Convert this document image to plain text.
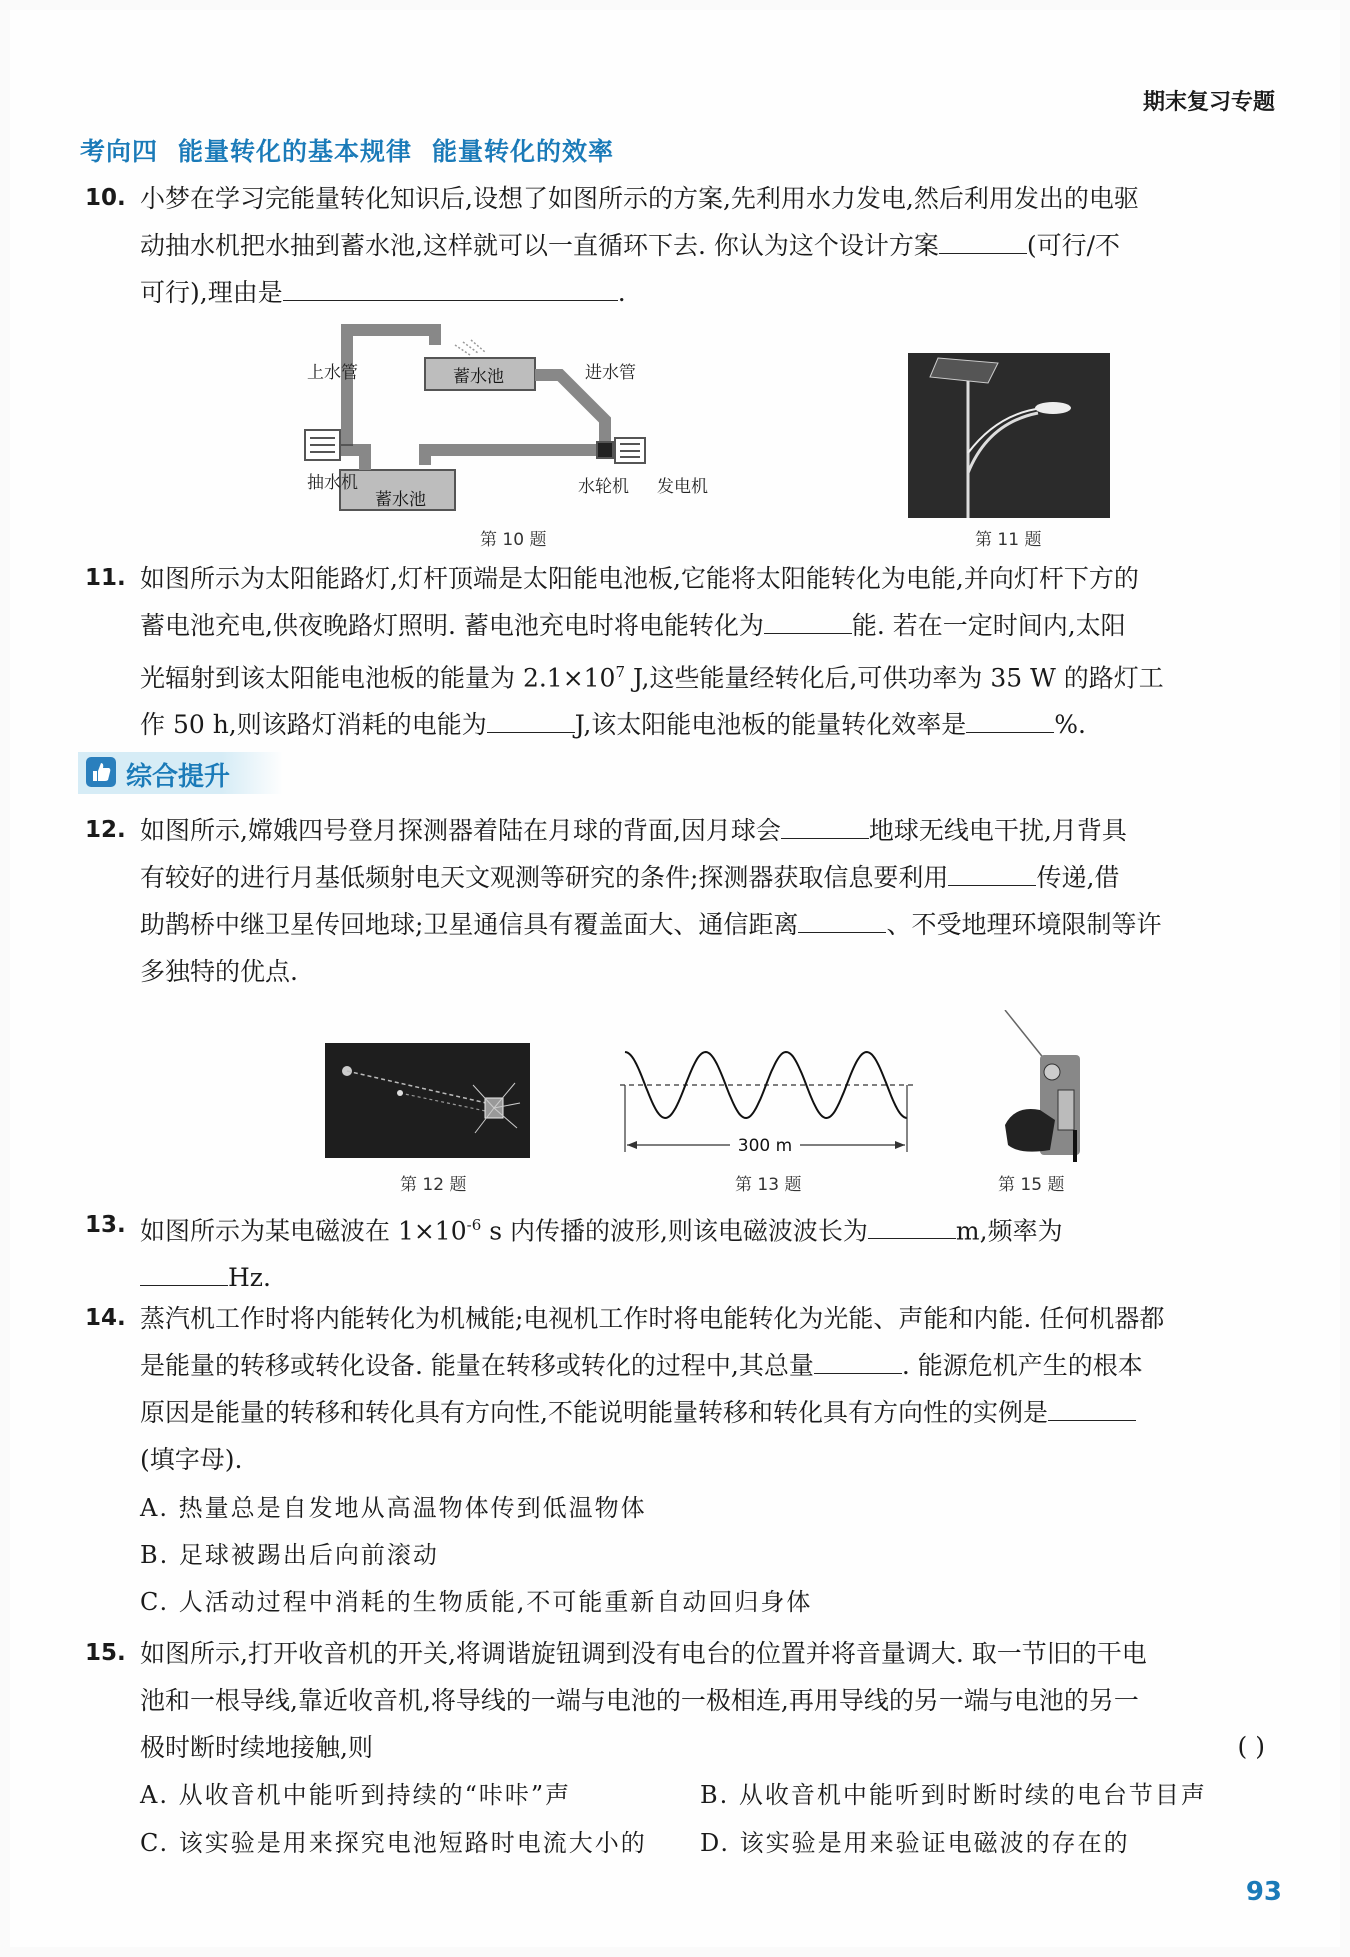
期末复习专题
考向四 能量转化的基本规律 能量转化的效率
10. 小梦在学习完能量转化知识后,设想了如图所示的方案,先利用水力发电,然后利用发出的电驱
动抽水机把水抽到蓄水池,这样就可以一直循环下去. 你认为这个设计方案	(可行/不
可行),理由是	.
上水管	进水管
蓄水池
抽水机
蓄水池
水轮机 发电机
第 10 题	第 11 题
11. 如图所示为太阳能路灯,灯杆顶端是太阳能电池板,它能将太阳能转化为电能,并向灯杆下方的
蓄电池充电,供夜晚路灯照明. 蓄电池充电时将电能转化为	能. 若在一定时间内,太阳
光辐射到该太阳能电池板的能量为 $2.1\times 10^7$ J,这些能量经转化后,可供功率为 35 W 的路灯工
作 50 h,则该路灯消耗的电能为	J,该太阳能电池板的能量转化效率是	%.
综合提升
12. 如图所示,嫦娥四号登月探测器着陆在月球的背面,因月球会	地球无线电干扰,月背具
有较好的进行月基低频射电天文观测等研究的条件;探测器获取信息要利用	传递,借
助鹊桥中继卫星传回地球;卫星通信具有覆盖面大、通信距离	、不受地理环境限制等许
多独特的优点.
第 12 题
300 m
第 13 题	第 15 题
13. 如图所示为某电磁波在 $1\times 10^{-6}$ s 内传播的波形,则该电磁波波长为	m,频率为
Hz.
14. 蒸汽机工作时将内能转化为机械能;电视机工作时将电能转化为光能、声能和内能. 任何机器都
是能量的转移或转化设备. 能量在转移或转化的过程中,其总量	. 能源危机产生的根本
原因是能量的转移和转化具有方向性,不能说明能量转移和转化具有方向性的实例是
(填字母).
A. 热量总是自发地从高温物体传到低温物体
B. 足球被踢出后向前滚动
C. 人活动过程中消耗的生物质能,不可能重新自动回归身体
15. 如图所示,打开收音机的开关,将调谐旋钮调到没有电台的位置并将音量调大. 取一节旧的干电
池和一根导线,靠近收音机,将导线的一端与电池的一极相连,再用导线的另一端与电池的另一
极时断时续地接触,则	( )
A. 从收音机中能听到持续的“咔咔”声	B. 从收音机中能听到时断时续的电台节目声
C. 该实验是用来探究电池短路时电流大小的 D. 该实验是用来验证电磁波的存在的
93
